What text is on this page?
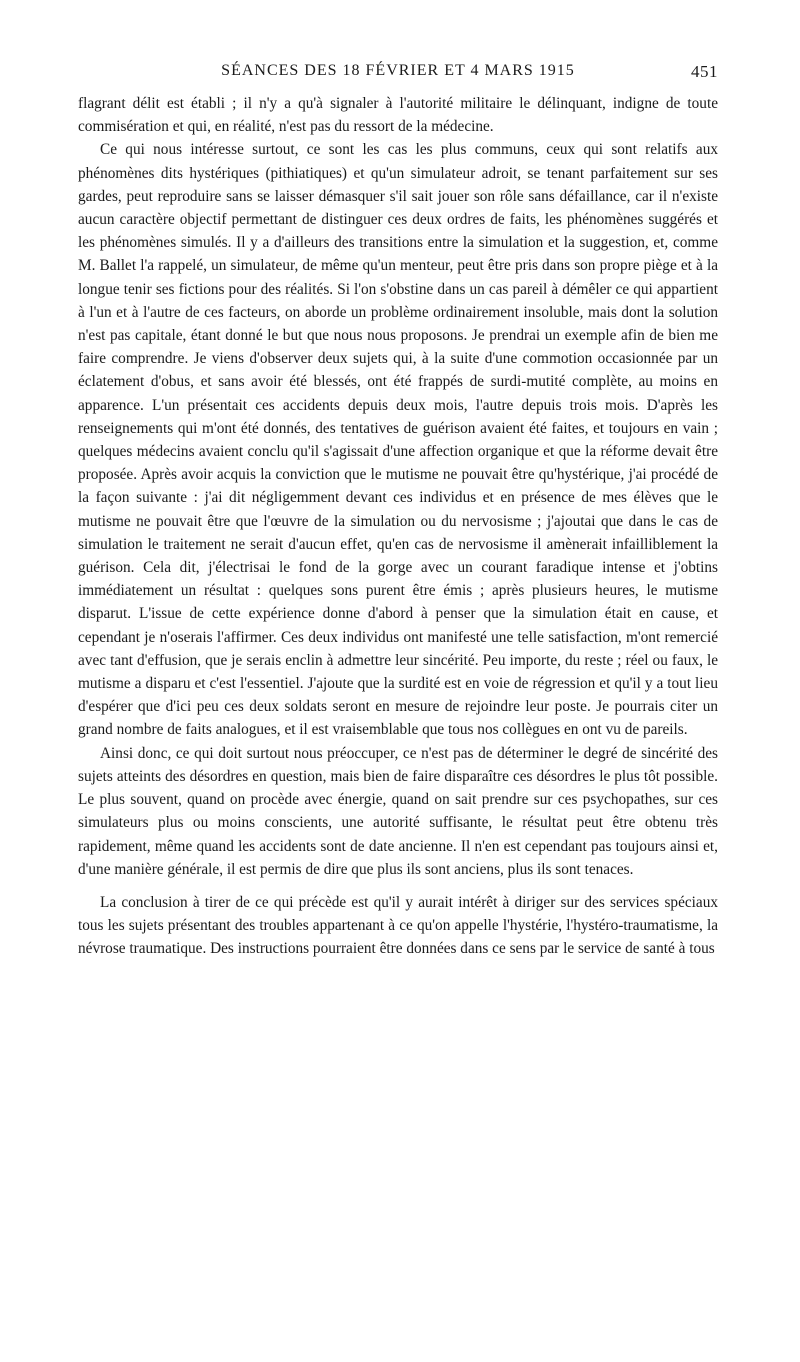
SÉANCES DES 18 FÉVRIER ET 4 MARS 1915	451

flagrant délit est établi ; il n'y a qu'à signaler à l'autorité militaire le délinquant, indigne de toute commisération et qui, en réalité, n'est pas du ressort de la médecine.

Ce qui nous intéresse surtout, ce sont les cas les plus communs, ceux qui sont relatifs aux phénomènes dits hystériques (pithiatiques) et qu'un simulateur adroit, se tenant parfaitement sur ses gardes, peut reproduire sans se laisser démasquer s'il sait jouer son rôle sans défaillance, car il n'existe aucun caractère objectif permettant de distinguer ces deux ordres de faits, les phénomènes suggérés et les phénomènes simulés. Il y a d'ailleurs des transitions entre la simulation et la suggestion, et, comme M. Ballet l'a rappelé, un simulateur, de même qu'un menteur, peut être pris dans son propre piège et à la longue tenir ses fictions pour des réalités. Si l'on s'obstine dans un cas pareil à démêler ce qui appartient à l'un et à l'autre de ces facteurs, on aborde un problème ordinairement insoluble, mais dont la solution n'est pas capitale, étant donné le but que nous nous proposons. Je prendrai un exemple afin de bien me faire comprendre. Je viens d'observer deux sujets qui, à la suite d'une commotion occasionnée par un éclatement d'obus, et sans avoir été blessés, ont été frappés de surdi-mutité complète, au moins en apparence. L'un présentait ces accidents depuis deux mois, l'autre depuis trois mois. D'après les renseignements qui m'ont été donnés, des tentatives de guérison avaient été faites, et toujours en vain ; quelques médecins avaient conclu qu'il s'agissait d'une affection organique et que la réforme devait être proposée. Après avoir acquis la conviction que le mutisme ne pouvait être qu'hystérique, j'ai procédé de la façon suivante : j'ai dit négligemment devant ces individus et en présence de mes élèves que le mutisme ne pouvait être que l'œuvre de la simulation ou du nervosisme ; j'ajoutai que dans le cas de simulation le traitement ne serait d'aucun effet, qu'en cas de nervosisme il amènerait infailliblement la guérison. Cela dit, j'électrisai le fond de la gorge avec un courant faradique intense et j'obtins immédiatement un résultat : quelques sons purent être émis ; après plusieurs heures, le mutisme disparut. L'issue de cette expérience donne d'abord à penser que la simulation était en cause, et cependant je n'oserais l'affirmer. Ces deux individus ont manifesté une telle satisfaction, m'ont remercié avec tant d'effusion, que je serais enclin à admettre leur sincérité. Peu importe, du reste ; réel ou faux, le mutisme a disparu et c'est l'essentiel. J'ajoute que la surdité est en voie de régression et qu'il y a tout lieu d'espérer que d'ici peu ces deux soldats seront en mesure de rejoindre leur poste. Je pourrais citer un grand nombre de faits analogues, et il est vraisemblable que tous nos collègues en ont vu de pareils.

Ainsi donc, ce qui doit surtout nous préoccuper, ce n'est pas de déterminer le degré de sincérité des sujets atteints des désordres en question, mais bien de faire disparaître ces désordres le plus tôt possible. Le plus souvent, quand on procède avec énergie, quand on sait prendre sur ces psychopathes, sur ces simulateurs plus ou moins conscients, une autorité suffisante, le résultat peut être obtenu très rapidement, même quand les accidents sont de date ancienne. Il n'en est cependant pas toujours ainsi et, d'une manière générale, il est permis de dire que plus ils sont anciens, plus ils sont tenaces.

La conclusion à tirer de ce qui précède est qu'il y aurait intérêt à diriger sur des services spéciaux tous les sujets présentant des troubles appartenant à ce qu'on appelle l'hystérie, l'hystéro-traumatisme, la névrose traumatique. Des instructions pourraient être données dans ce sens par le service de santé à tous
